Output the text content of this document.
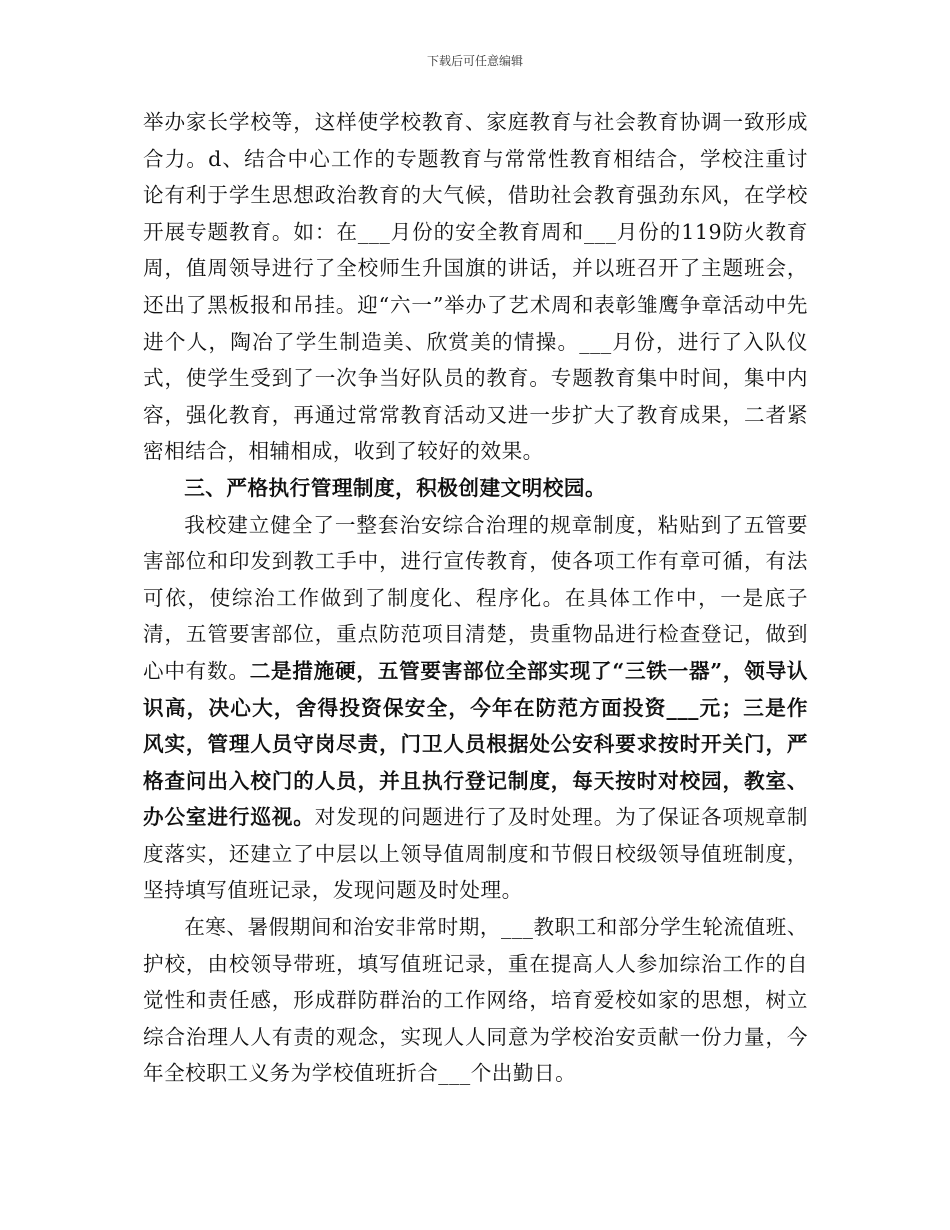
下载后可任意编辑

举办家长学校等，这样使学校教育、家庭教育与社会教育协调一致形成合力。d、结合中心工作的专题教育与常常性教育相结合，学校注重讨论有利于学生思想政治教育的大气候，借助社会教育强劲东风，在学校开展专题教育。如：在___月份的安全教育周和___月份的119防火教育周，值周领导进行了全校师生升国旗的讲话，并以班召开了主题班会，还出了黑板报和吊挂。迎“六一”举办了艺术周和表彰雏鹰争章活动中先进个人，陶冶了学生制造美、欣赏美的情操。___月份，进行了入队仪式，使学生受到了一次争当好队员的教育。专题教育集中时间，集中内容，强化教育，再通过常常教育活动又进一步扩大了教育成果，二者紧密相结合，相辅相成，收到了较好的效果。

三、严格执行管理制度，积极创建文明校园。

我校建立健全了一整套治安综合治理的规章制度，粘贴到了五管要害部位和印发到教工手中，进行宣传教育，使各项工作有章可循，有法可依，使综治工作做到了制度化、程序化。在具体工作中，一是底子清，五管要害部位，重点防范项目清楚，贵重物品进行检查登记，做到心中有数。二是措施硬，五管要害部位全部实现了“三铁一器”，领导认识高，决心大，舍得投资保安全，今年在防范方面投资___元；三是作风实，管理人员守岗尽责，门卫人员根据处公安科要求按时开关门，严格查问出入校门的人员，并且执行登记制度，每天按时对校园，教室、办公室进行巡视。对发现的问题进行了及时处理。为了保证各项规章制度落实，还建立了中层以上领导值周制度和节假日校级领导值班制度，坚持填写值班记录，发现问题及时处理。

在寒、暑假期间和治安非常时期，___教职工和部分学生轮流值班、护校，由校领导带班，填写值班记录，重在提高人人参加综治工作的自觉性和责任感，形成群防群治的工作网络，培育爱校如家的思想，树立综合治理人人有责的观念，实现人人同意为学校治安贡献一份力量，今年全校职工义务为学校值班折合___个出勤日。
